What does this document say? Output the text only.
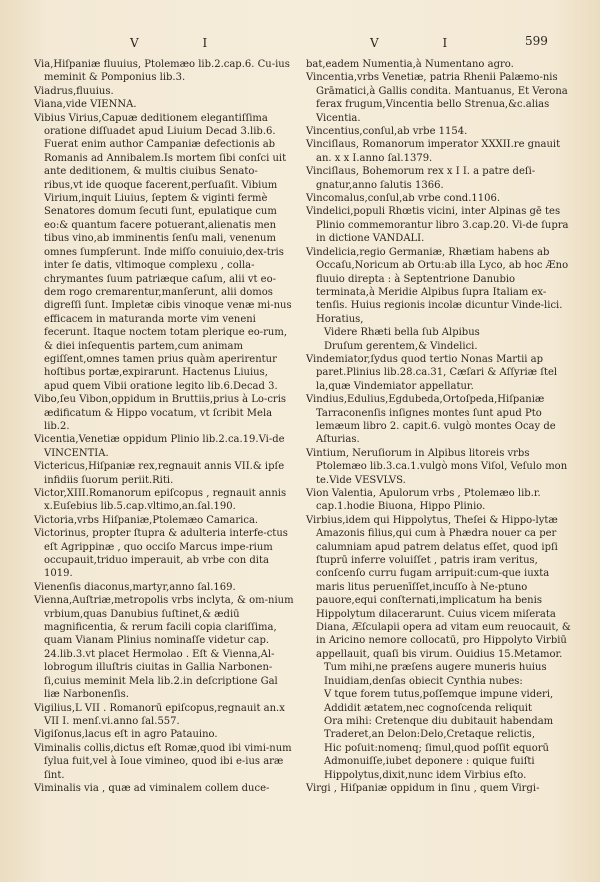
V I	V I	599

Via,Hiſpaniæ fluuius, Ptolemæo lib.2.cap.6. Cu-ius meminit & Pomponius lib.3.

Viadrus,fluuius.

Viana,vide VIENNA.

Vibius Virius,Capuæ deditionem elegantiſſima oratione diſſuadet apud Liuium Decad 3.lib.6. Fuerat enim author Campaniæ defectionis ab Romanis ad Annibalem.Is mortem ſibi conſci uit ante deditionem, & multis ciuibus Senato-ribus,vt ide quoque facerent,perſuaſit. Vibium Virium,inquit Liuius, ſeptem & viginti fermè Senatores domum ſecuti ſunt, epulatique cum eo:& quantum facere potuerant,alienatis men tibus vino,ab imminentis ſenſu mali, venenum omnes ſumpſerunt. Inde miſſo conuiuio,dex-tris inter ſe datis, vltimoque complexu , colla-chrymantes ſuum patriæque caſum, alii vt eo-dem rogo cremarentur,manſerunt, alii domos digreſſi ſunt. Impletæ cibis vinoque venæ mi-nus efficacem in maturanda morte vim veneni fecerunt. Itaque noctem totam plerique eo-rum, & diei inſequentis partem,cum animam egiſſent,omnes tamen prius quàm aperirentur hoſtibus portæ,expirarunt. Hactenus Liuius, apud quem Vibii oratione legito lib.6.Decad 3.

Vibo,ſeu Vibon,oppidum in Bruttiis,prius à Lo-cris ædificatum & Hippo vocatum, vt ſcribit Mela lib.2.

Vicentia,Venetiæ oppidum Plinio lib.2.ca.19.Vi-de VINCENTIA.

Victericus,Hiſpaniæ rex,regnauit annis VII.& ipſe infidiis ſuorum periit.Riti.

Victor,XIII.Romanorum epiſcopus , regnauit annis x.Euſebius lib.5.cap.vltimo,an.ſal.190.

Victoria,vrbs Hiſpaniæ,Ptolemæo Camarica.

Victorinus, propter ſtupra & adulteria interfe-ctus eſt Agrippinæ , quo occiſo Marcus impe-rium occupauit,triduo imperauit, ab vrbe con dita 1019.

Vienenſis diaconus,martyr,anno ſal.169.

Vienna,Auſtriæ,metropolis vrbs inclyta, & om-nium vrbium,quas Danubius ſuſtinet,& ædiū magnificentia, & rerum facili copia clariſſima, quam Vianam Plinius nominaſſe videtur cap. 24.lib.3.vt placet Hermolao . Eſt & Vienna,Al-lobrogum illuſtris ciuitas in Gallia Narbonen-ſi,cuius meminit Mela lib.2.in deſcriptione Gal liæ Narbonenſis.

Vigilius,L VII . Romanorū epiſcopus,regnauit an.x VII I. menſ.vi.anno ſal.557.

Vigiſonus,lacus eſt in agro Patauino.

Viminalis collis,dictus eſt Romæ,quod ibi vimi-num ſylua fuit,vel à Ioue vimineo, quod ibi e-ius aræ ſint.

Viminalis via , quæ ad viminalem collem duce-

bat,eadem Numentia,à Numentano agro.

Vincentia,vrbs Venetiæ, patria Rhenii Palæmo-nis Grāmatici,à Gallis condita. Mantuanus, Et Verona ferax frugum,Vincentia bello Strenua,&c.alias Vicentia.

Vincentius,conſul,ab vrbe 1154.

Vinciſlaus, Romanorum imperator XXXII.re gnauit an. x x I.anno ſal.1379.

Vinciſlaus, Bohemorum rex x I I. a patre deſi-gnatur,anno ſalutis 1366.

Vincomalus,conſul,ab vrbe cond.1106.

Vindelici,populi Rhœtis vicini, inter Alpinas gē tes Plinio commemorantur libro 3.cap.20. Vi-de ſupra in dictione VANDALI.

Vindelicia,regio Germaniæ, Rhætiam habens ab Occaſu,Noricum ab Ortu:ab illa Lyco, ab hoc Æno fluuio direpta : à Septentrione Danubio terminata,à Meridie Alpibus ſupra Italiam ex-tenſis. Huius regionis incolæ dicuntur Vinde-lici. Horatius,

Videre Rhæti bella ſub Alpibus

Druſum gerentem,& Vindelici.

Vindemiator,ſydus quod tertio Nonas Martii ap paret.Plinius lib.28.ca.31, Cæſari & Aſſyriæ ſtel la,quæ Vindemiator appellatur.

Vindius,Edulius,Egdubeda,Ortoſpeda,Hiſpaniæ Tarraconenſis inſignes montes ſunt apud Pto lemæum libro 2. capit.6. vulgò montes Ocay de Aſturias.

Vintium, Neruſiorum in Alpibus litoreis vrbs Ptolemæo lib.3.ca.1.vulgò mons Viſol, Veſulo mon te.Vide VESVLVS.

Vion Valentia, Apulorum vrbs , Ptolemæo lib.r. cap.1.hodie Biuona, Hippo Plinio.

Virbius,idem qui Hippolytus, Theſei & Hippo-lytæ Amazonis filius,qui cum à Phædra nouer ca per calumniam apud patrem delatus eſſet, quod ipſi ſtuprū inferre voluiſſet , patris iram veritus, conſcenſo curru fugam arripuit:cum-que iuxta maris litus peruenīſſet,incuſſo à Ne-ptuno pauore,equi conſternati,implicatum ha benis Hippolytum dilacerarunt. Cuius vicem miſerata Diana, Æſculapii opera ad vitam eum reuocauit, & in Aricino nemore collocatū, pro Hippolyto Virbiū appellauit, quaſi bis virum. Ouidius 15.Metamor.

Tum mihi,ne præſens augere muneris huius

Inuidiam,denſas obiecit Cynthia nubes:

V tque forem tutus,poſſemque impune videri,

Addidit ætatem,nec cognoſcenda reliquit

Ora mihi: Cretenque diu dubitauit habendam

Traderet,an Delon:Delo,Cretaque relictis,

Hic poſuit:nomenq; ſimul,quod poſſit equorū

Admonuiſſe,iubet deponere : quique fuiſti

Hippolytus,dixit,nunc idem Virbius eſto.

Virgi , Hiſpaniæ oppidum in ſinu , quem Virgi-
